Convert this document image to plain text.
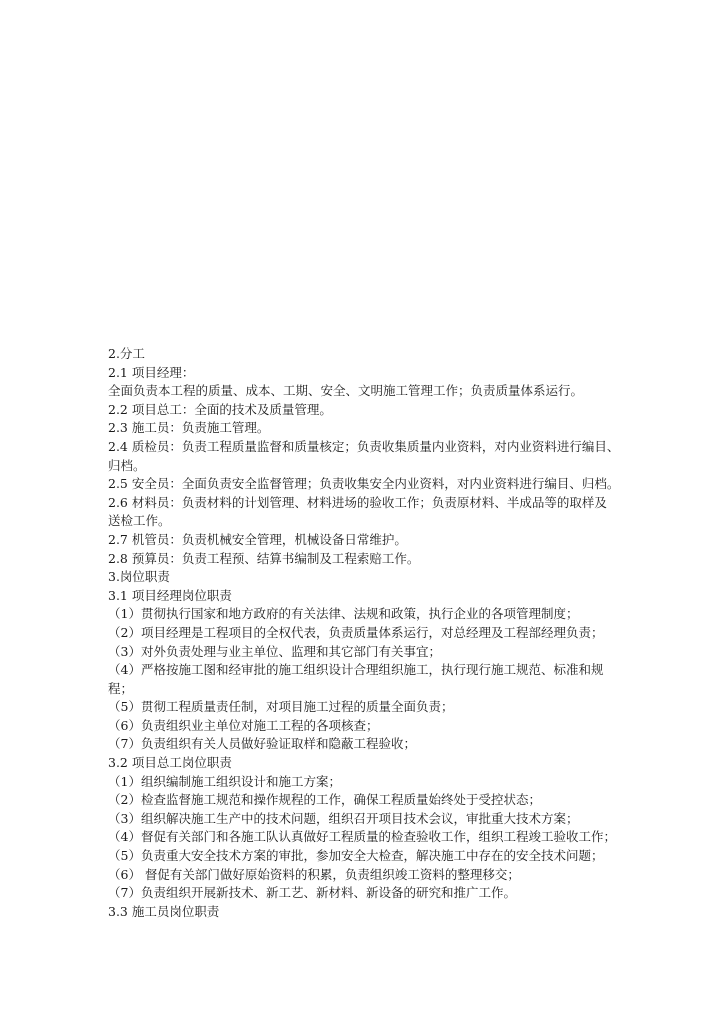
2.分工
2.1 项目经理：
全面负责本工程的质量、成本、工期、安全、文明施工管理工作；负责质量体系运行。
2.2 项目总工：全面的技术及质量管理。
2.3 施工员：负责施工管理。
2.4 质检员：负责工程质量监督和质量核定；负责收集质量内业资料，对内业资料进行编目、
归档。
2.5 安全员：全面负责安全监督管理；负责收集安全内业资料，对内业资料进行编目、归档。
2.6 材料员：负责材料的计划管理、材料进场的验收工作；负责原材料、半成品等的取样及
送检工作。
2.7 机管员：负责机械安全管理，机械设备日常维护。
2.8 预算员：负责工程预、结算书编制及工程索赔工作。
3.岗位职责
3.1 项目经理岗位职责
（1）贯彻执行国家和地方政府的有关法律、法规和政策，执行企业的各项管理制度；
（2）项目经理是工程项目的全权代表，负责质量体系运行，对总经理及工程部经理负责；
（3）对外负责处理与业主单位、监理和其它部门有关事宜；
（4）严格按施工图和经审批的施工组织设计合理组织施工，执行现行施工规范、标准和规
程；
（5）贯彻工程质量责任制，对项目施工过程的质量全面负责；
（6）负责组织业主单位对施工工程的各项核查；
（7）负责组织有关人员做好验证取样和隐蔽工程验收；
3.2 项目总工岗位职责
（1）组织编制施工组织设计和施工方案；
（2）检查监督施工规范和操作规程的工作，确保工程质量始终处于受控状态；
（3）组织解决施工生产中的技术问题，组织召开项目技术会议，审批重大技术方案；
（4）督促有关部门和各施工队认真做好工程质量的检查验收工作，组织工程竣工验收工作；
（5）负责重大安全技术方案的审批，参加安全大检查，解决施工中存在的安全技术问题；
（6） 督促有关部门做好原始资料的积累，负责组织竣工资料的整理移交；
（7）负责组织开展新技术、新工艺、新材料、新设备的研究和推广工作。
3.3 施工员岗位职责
